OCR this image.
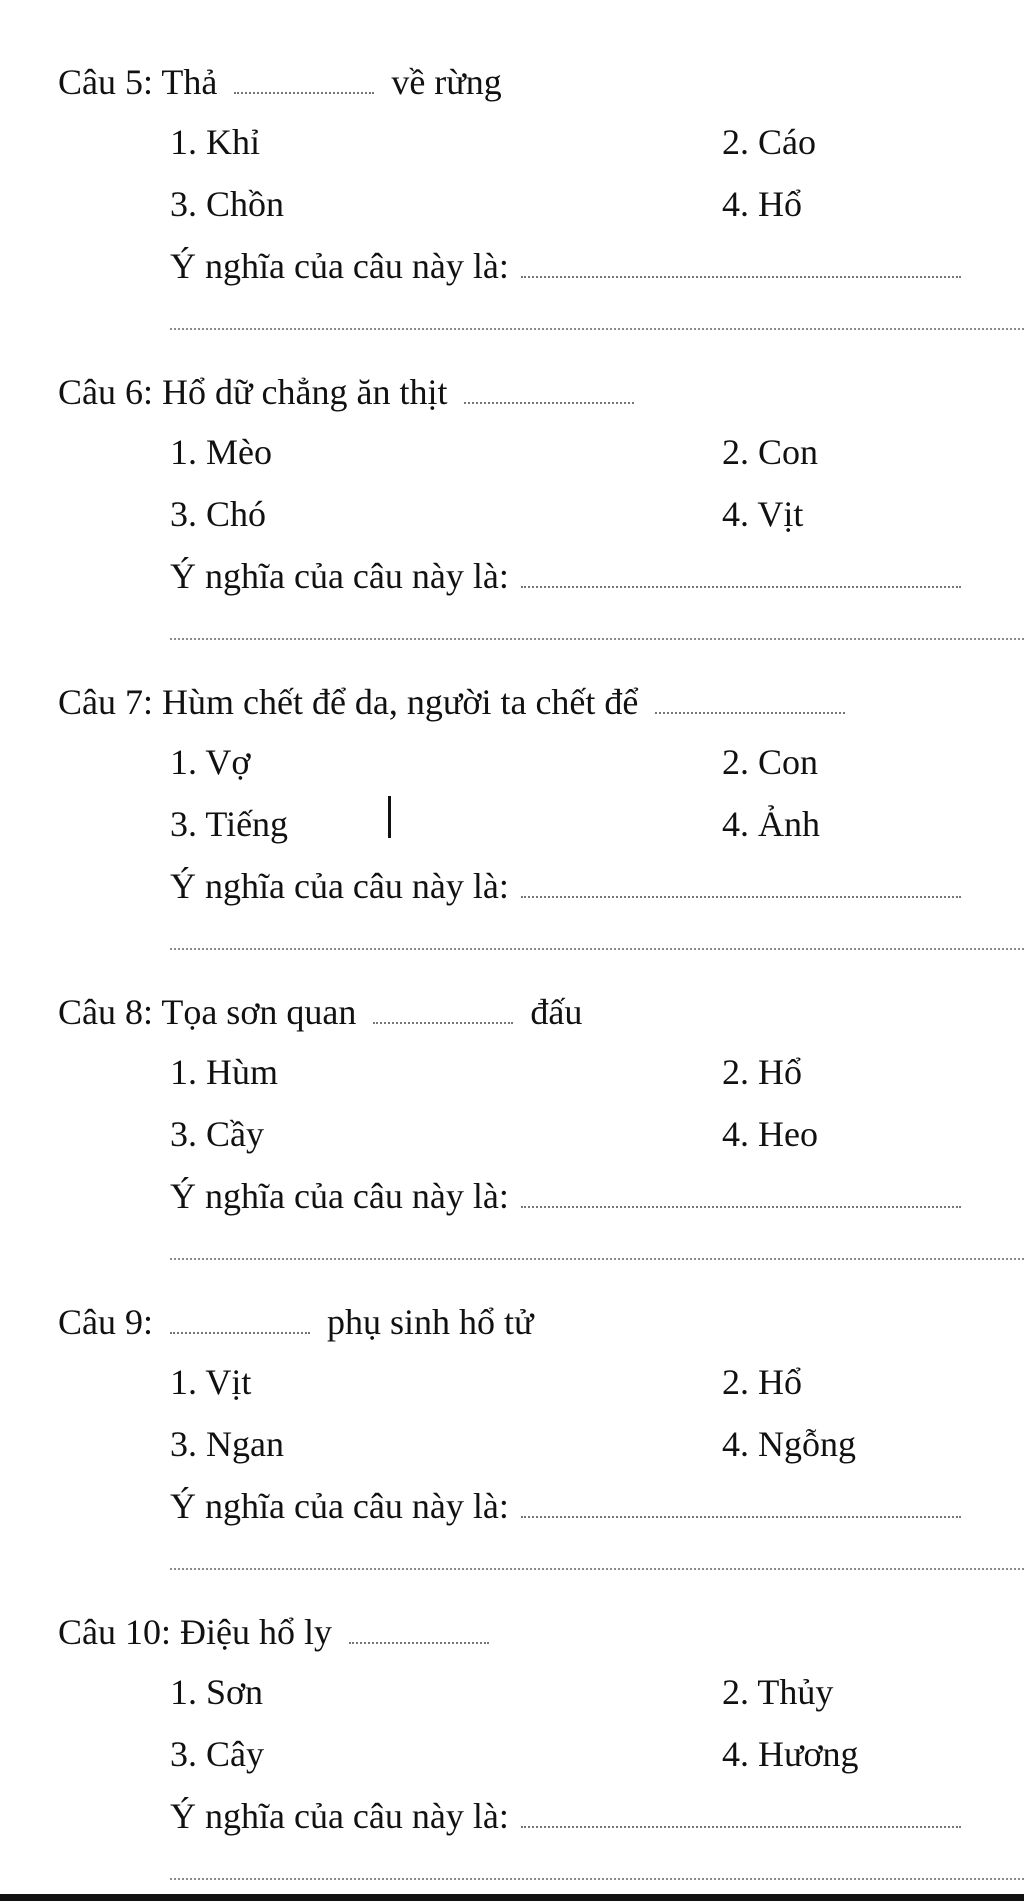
Câu 5: Thả	về rừng
1. Khỉ	2. Cáo
3. Chồn	4. Hổ
Ý nghĩa của câu này là:
Câu 6: Hổ dữ chẳng ăn thịt
1. Mèo	2. Con
3. Chó	4. Vịt
Ý nghĩa của câu này là:
Câu 7: Hùm chết để da, người ta chết để
1. Vợ	2. Con
3. Tiếng	4. Ảnh
Ý nghĩa của câu này là:
Câu 8: Tọa sơn quan	đấu
1. Hùm	2. Hổ
3. Cầy	4. Heo
Ý nghĩa của câu này là:
Câu 9:	phụ sinh hổ tử
1. Vịt	2. Hổ
3. Ngan	4. Ngỗng
Ý nghĩa của câu này là:
Câu 10: Điệu hổ ly
1. Sơn	2. Thủy
3. Cây	4. Hương
Ý nghĩa của câu này là:
